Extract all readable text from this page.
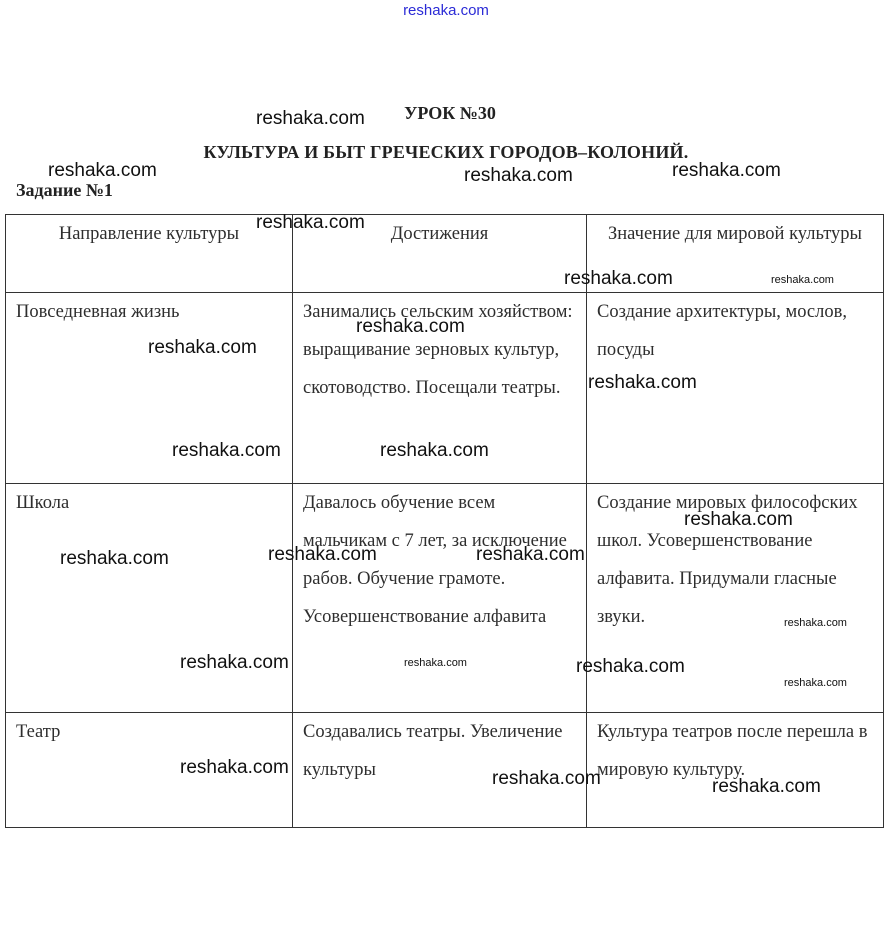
reshaka.com
УРОК №30
КУЛЬТУРА И БЫТ ГРЕЧЕСКИХ ГОРОДОВ–КОЛОНИЙ.
Задание №1
Направление культуры	Достижения	Значение для мировой культуры
Повседневная жизнь	Занимались сельским хозяйством: выращивание зерновых культур, скотоводство. Посещали театры.	Создание архитектуры, мослов, посуды
Школа	Давалось обучение всем мальчикам с 7 лет, за исключение рабов. Обучение грамоте. Усовершенствование алфавита	Создание мировых философских школ. Усовершенствование алфавита. Придумали гласные звуки.
Театр	Создавались театры. Увеличение культуры	Культура театров после перешла в мировую культуру.
reshaka.com
reshaka.com	reshaka.com	reshaka.com
reshaka.com
reshaka.com	reshaka.com
reshaka.com
reshaka.com
reshaka.com
reshaka.com	reshaka.com
reshaka.com
reshaka.com	reshaka.com	reshaka.com
reshaka.com
reshaka.com	reshaka.com	reshaka.com
reshaka.com
reshaka.com
reshaka.com	reshaka.com
